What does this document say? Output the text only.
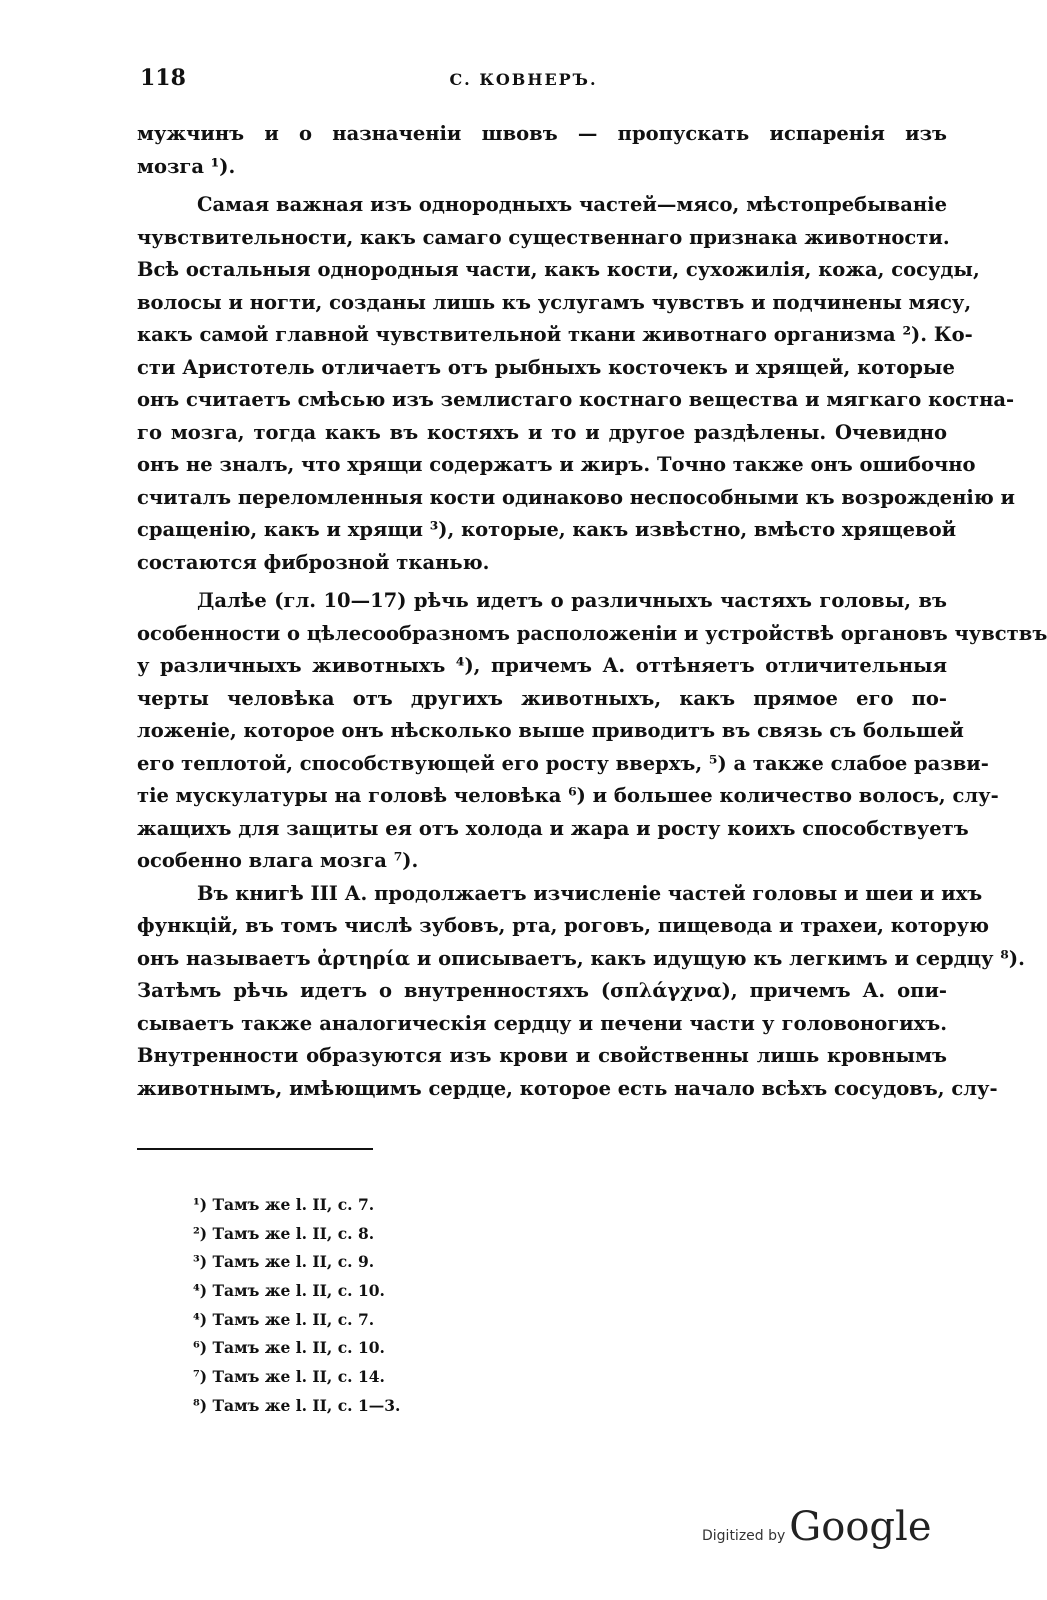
118	С. КОВНЕРЪ.
мужчинъ и о назначеніи швовъ — пропускать испаренія изъ
мозга ¹).
Самая важная изъ однородныхъ частей—мясо, мѣстопребываніе
чувствительности, какъ самаго существеннаго признака животности.
Всѣ остальныя однородныя части, какъ кости, сухожилія, кожа, сосуды,
волосы и ногти, созданы лишь къ услугамъ чувствъ и подчинены мясу,
какъ самой главной чувствительной ткани животнаго организма ²). Ко-
сти Аристотель отличаетъ отъ рыбныхъ косточекъ и хрящей, которые
онъ считаетъ смѣсью изъ землистаго костнаго вещества и мягкаго костна-
го мозга, тогда какъ въ костяхъ и то и другое раздѣлены. Очевидно
онъ не зналъ, что хрящи содержатъ и жиръ. Точно также онъ ошибочно
считалъ переломленныя кости одинаково неспособными къ возрожденію и
сращенію, какъ и хрящи ³), которые, какъ извѣстно, вмѣсто хрящевой
состаются фиброзной тканью.
Далѣе (гл. 10—17) рѣчь идетъ о различныхъ частяхъ головы, въ
особенности о цѣлесообразномъ расположеніи и устройствѣ органовъ чувствъ
у различныхъ животныхъ ⁴), причемъ А. оттѣняетъ отличительныя
черты человѣка отъ другихъ животныхъ, какъ прямое его по-
ложеніе, которое онъ нѣсколько выше приводитъ въ связь съ большей
его теплотой, способствующей его росту вверхъ, ⁵) а также слабое разви-
тіе мускулатуры на головѣ человѣка ⁶) и большее количество волосъ, слу-
жащихъ для защиты ея отъ холода и жара и росту коихъ способствуетъ
особенно влага мозга ⁷).
Въ книгѣ III А. продолжаетъ изчисленіе частей головы и шеи и ихъ
функцій, въ томъ числѣ зубовъ, рта, роговъ, пищевода и трахеи, которую
онъ называетъ ἀρτηρία и описываетъ, какъ идущую къ легкимъ и сердцу ⁸).
Затѣмъ рѣчь идетъ о внутренностяхъ (σπλάγχνα), причемъ А. опи-
сываетъ также аналогическія сердцу и печени части у головоногихъ.
Внутренности образуются изъ крови и свойственны лишь кровнымъ
животнымъ, имѣющимъ сердце, которое есть начало всѣхъ сосудовъ, слу-
¹) Тамъ же l. II, с. 7.
²) Тамъ же l. II, с. 8.
³) Тамъ же l. II, с. 9.
⁴) Тамъ же l. II, с. 10.
⁴) Тамъ же l. II, с. 7.
⁶) Тамъ же l. II, с. 10.
⁷) Тамъ же l. II, с. 14.
⁸) Тамъ же l. II, с. 1—3.
Digitized by Google
